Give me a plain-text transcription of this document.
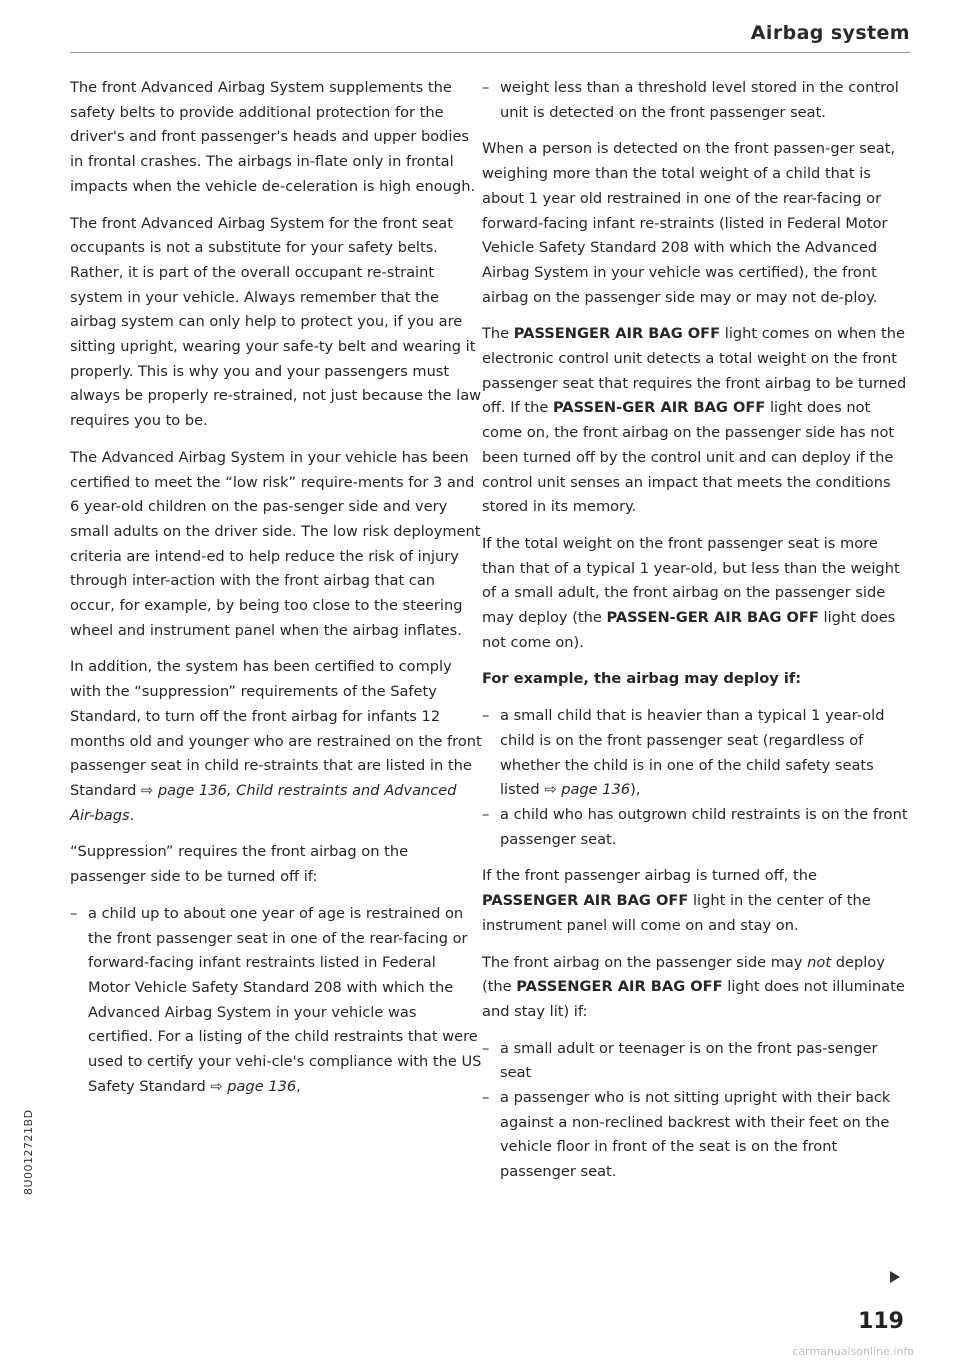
Airbag system

The front Advanced Airbag System supplements the safety belts to provide additional protection for the driver's and front passenger's heads and upper bodies in frontal crashes. The airbags in-flate only in frontal impacts when the vehicle de-celeration is high enough.

The front Advanced Airbag System for the front seat occupants is not a substitute for your safety belts. Rather, it is part of the overall occupant re-straint system in your vehicle. Always remember that the airbag system can only help to protect you, if you are sitting upright, wearing your safe-ty belt and wearing it properly. This is why you and your passengers must always be properly re-strained, not just because the law requires you to be.

The Advanced Airbag System in your vehicle has been certified to meet the “low risk” require-ments for 3 and 6 year-old children on the pas-senger side and very small adults on the driver side. The low risk deployment criteria are intend-ed to help reduce the risk of injury through inter-action with the front airbag that can occur, for example, by being too close to the steering wheel and instrument panel when the airbag inflates.

In addition, the system has been certified to comply with the “suppression” requirements of the Safety Standard, to turn off the front airbag for infants 12 months old and younger who are restrained on the front passenger seat in child re-straints that are listed in the Standard ⇨ page 136, Child restraints and Advanced Air-bags.

“Suppression” requires the front airbag on the passenger side to be turned off if:

– a child up to about one year of age is restrained on the front passenger seat in one of the rear-facing or forward-facing infant restraints listed in Federal Motor Vehicle Safety Standard 208 with which the Advanced Airbag System in your vehicle was certified. For a listing of the child restraints that were used to certify your vehi-cle's compliance with the US Safety Standard ⇨ page 136,
– weight less than a threshold level stored in the control unit is detected on the front passenger seat.

When a person is detected on the front passen-ger seat, weighing more than the total weight of a child that is about 1 year old restrained in one of the rear-facing or forward-facing infant re-straints (listed in Federal Motor Vehicle Safety Standard 208 with which the Advanced Airbag System in your vehicle was certified), the front airbag on the passenger side may or may not de-ploy.

The PASSENGER AIR BAG OFF light comes on when the electronic control unit detects a total weight on the front passenger seat that requires the front airbag to be turned off. If the PASSEN-GER AIR BAG OFF light does not come on, the front airbag on the passenger side has not been turned off by the control unit and can deploy if the control unit senses an impact that meets the conditions stored in its memory.

If the total weight on the front passenger seat is more than that of a typical 1 year-old, but less than the weight of a small adult, the front airbag on the passenger side may deploy (the PASSEN-GER AIR BAG OFF light does not come on).

For example, the airbag may deploy if:

– a small child that is heavier than a typical 1 year-old child is on the front passenger seat (regardless of whether the child is in one of the child safety seats listed ⇨ page 136),
– a child who has outgrown child restraints is on the front passenger seat.

If the front passenger airbag is turned off, the PASSENGER AIR BAG OFF light in the center of the instrument panel will come on and stay on.

The front airbag on the passenger side may not deploy (the PASSENGER AIR BAG OFF light does not illuminate and stay lit) if:

– a small adult or teenager is on the front pas-senger seat
– a passenger who is not sitting upright with their back against a non-reclined backrest with their feet on the vehicle floor in front of the seat is on the front passenger seat.
8U0012721BD
119
carmanualsonline.info
